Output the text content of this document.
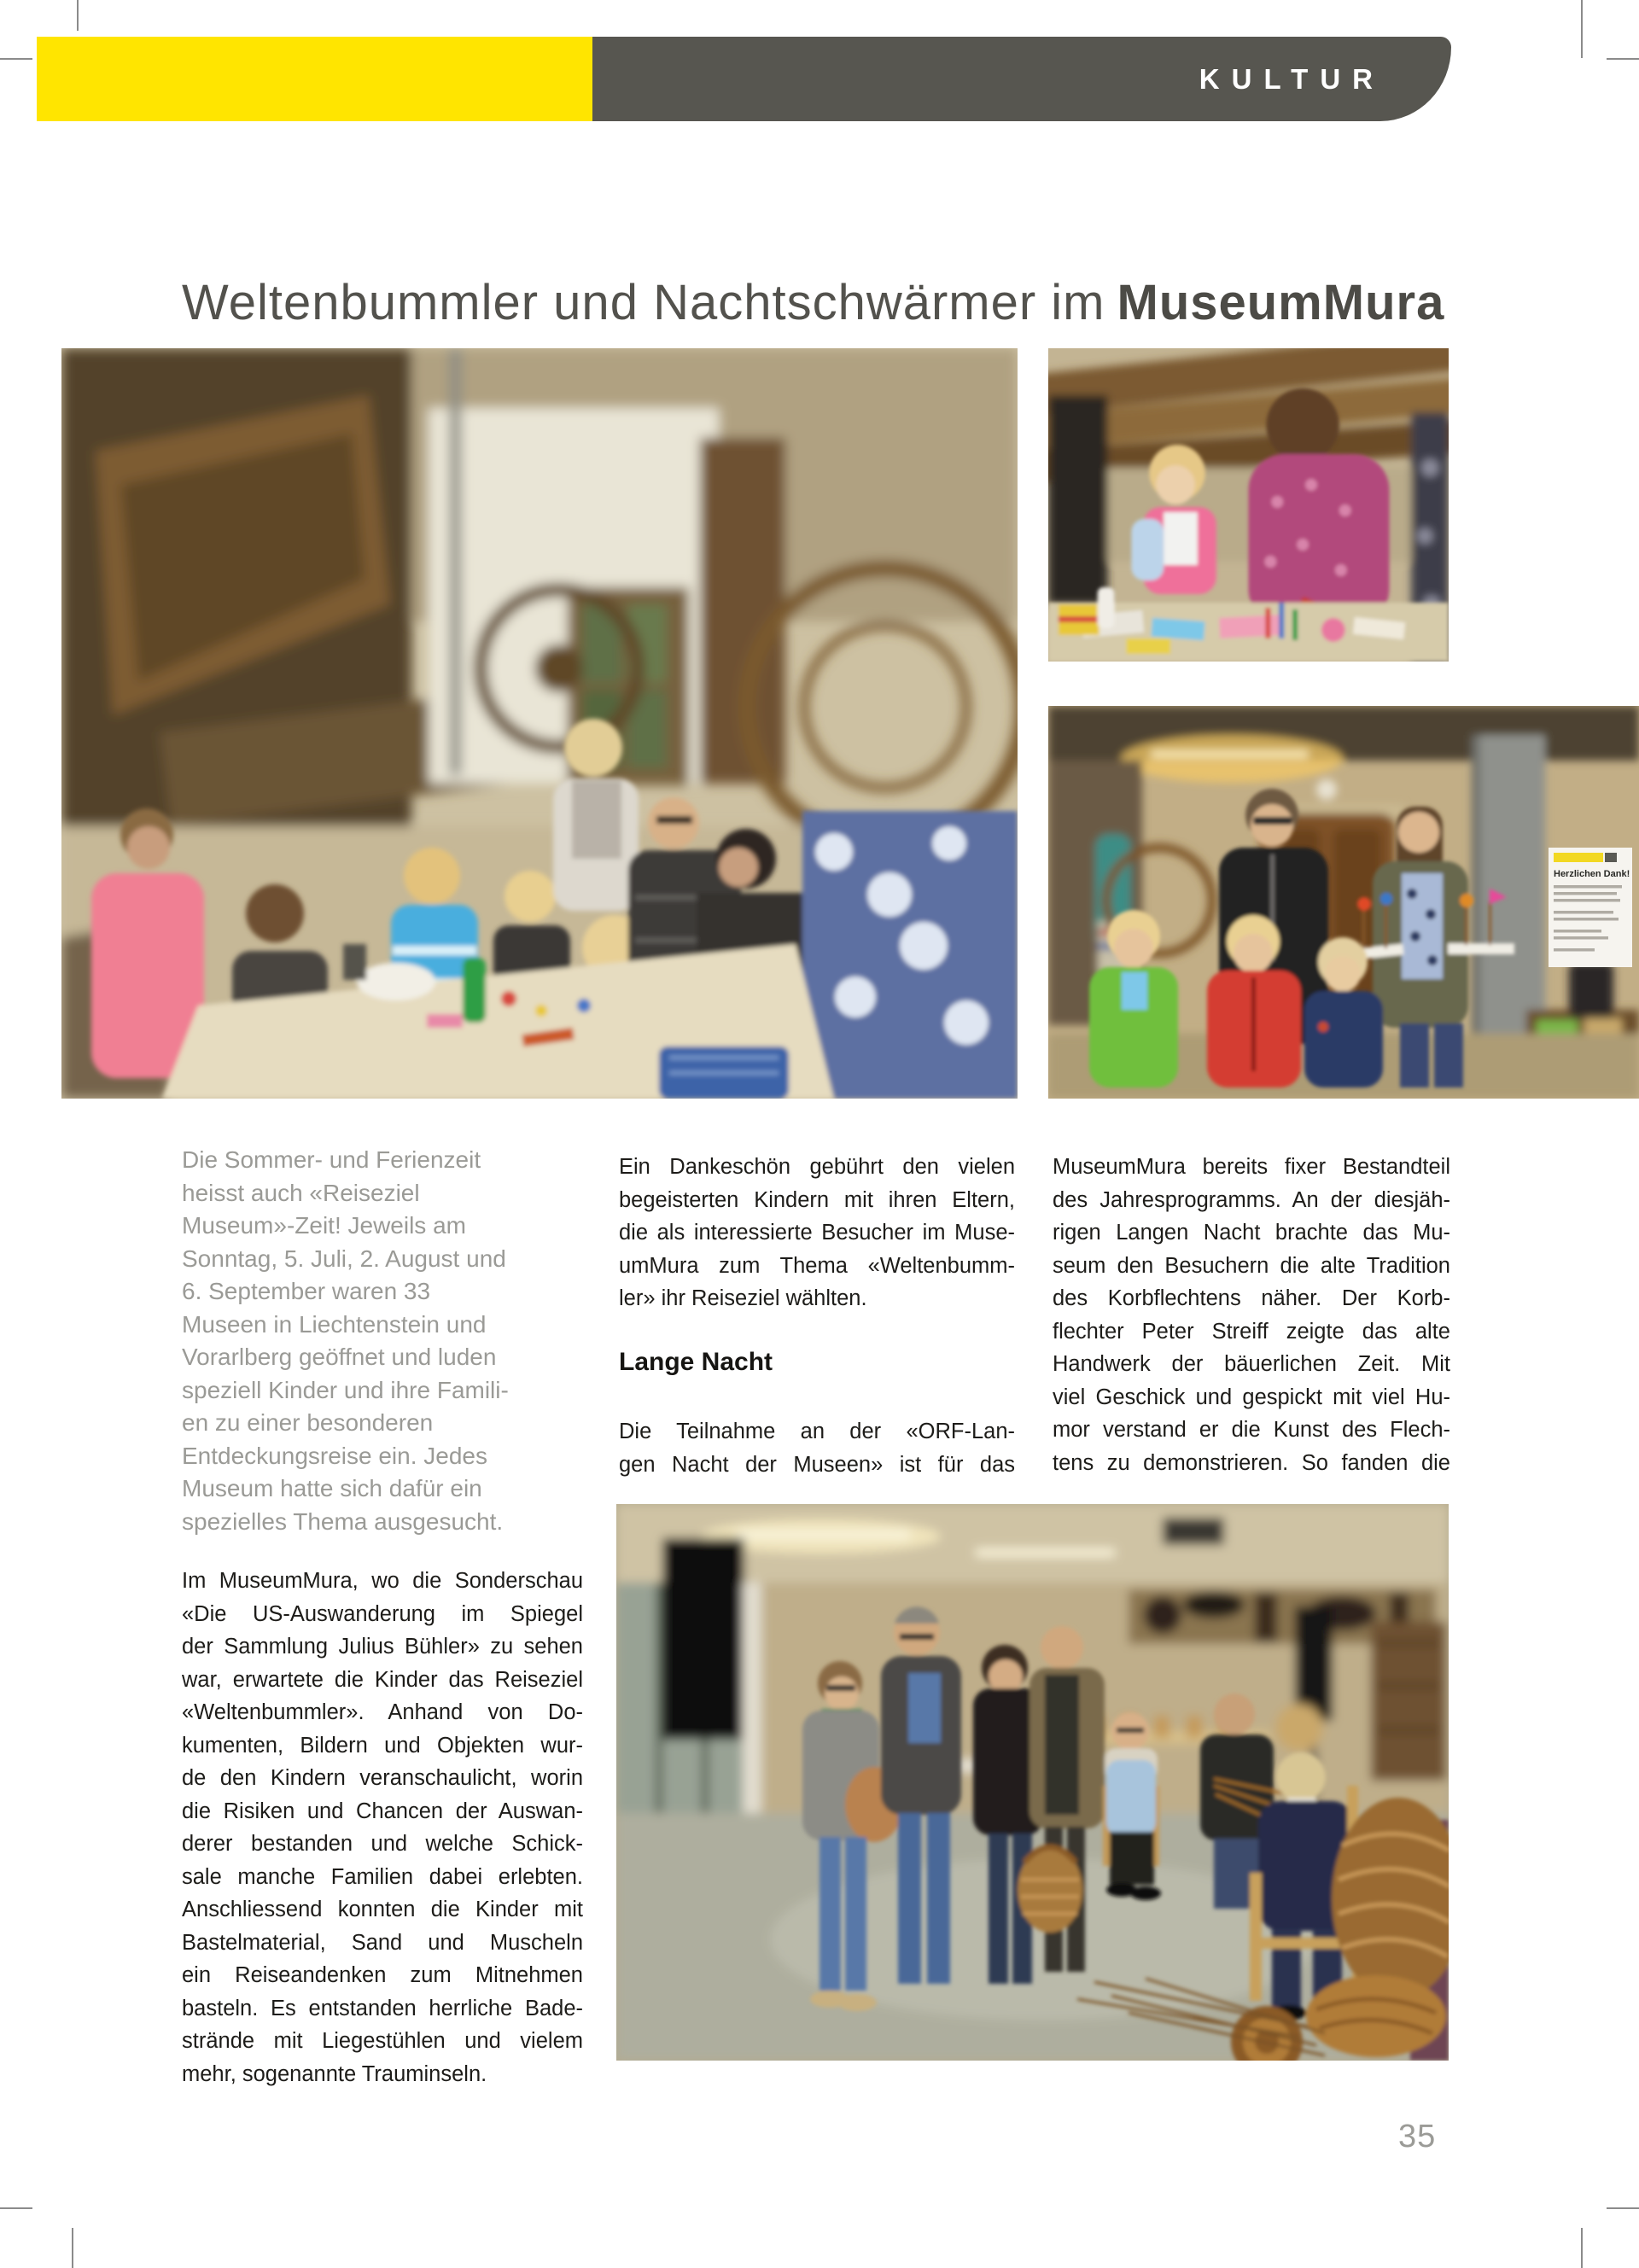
KULTUR
Weltenbummler und Nachtschwärmer im MuseumMura
Herzlichen Dank!
Die Sommer- und Ferienzeit
heisst auch «Reiseziel
Museum»-Zeit! Jeweils am
Sonntag, 5. Juli, 2. August und
6. September waren 33
Museen in Liechtenstein und
Vorarlberg geöffnet und luden
speziell Kinder und ihre Famili-
en zu einer besonderen
Entdeckungsreise ein. Jedes
Museum hatte sich dafür ein
spezielles Thema ausgesucht.
Im MuseumMura, wo die Sonderschau
«Die US-Auswanderung im Spiegel
der Sammlung Julius Bühler» zu sehen
war, erwartete die Kinder das Reiseziel
«Weltenbummler». Anhand von Do-
kumenten, Bildern und Objekten wur-
de den Kindern veranschaulicht, worin
die Risiken und Chancen der Auswan-
derer bestanden und welche Schick-
sale manche Familien dabei erlebten.
Anschliessend konnten die Kinder mit
Bastelmaterial, Sand und Muscheln
ein Reiseandenken zum Mitnehmen
basteln. Es entstanden herrliche Bade-
strände mit Liegestühlen und vielem
mehr, sogenannte Trauminseln.
Ein Dankeschön gebührt den vielen
begeisterten Kindern mit ihren Eltern,
die als interessierte Besucher im Muse-
umMura zum Thema «Weltenbumm-
ler» ihr Reiseziel wählten.
Lange Nacht
Die Teilnahme an der «ORF-Lan-
gen Nacht der Museen» ist für das
MuseumMura bereits fixer Bestandteil
des Jahresprogramms. An der diesjäh-
rigen Langen Nacht brachte das Mu-
seum den Besuchern die alte Tradition
des Korbflechtens näher. Der Korb-
flechter Peter Streiff zeigte das alte
Handwerk der bäuerlichen Zeit. Mit
viel Geschick und gespickt mit viel Hu-
mor verstand er die Kunst des Flech-
tens zu demonstrieren. So fanden die
35
